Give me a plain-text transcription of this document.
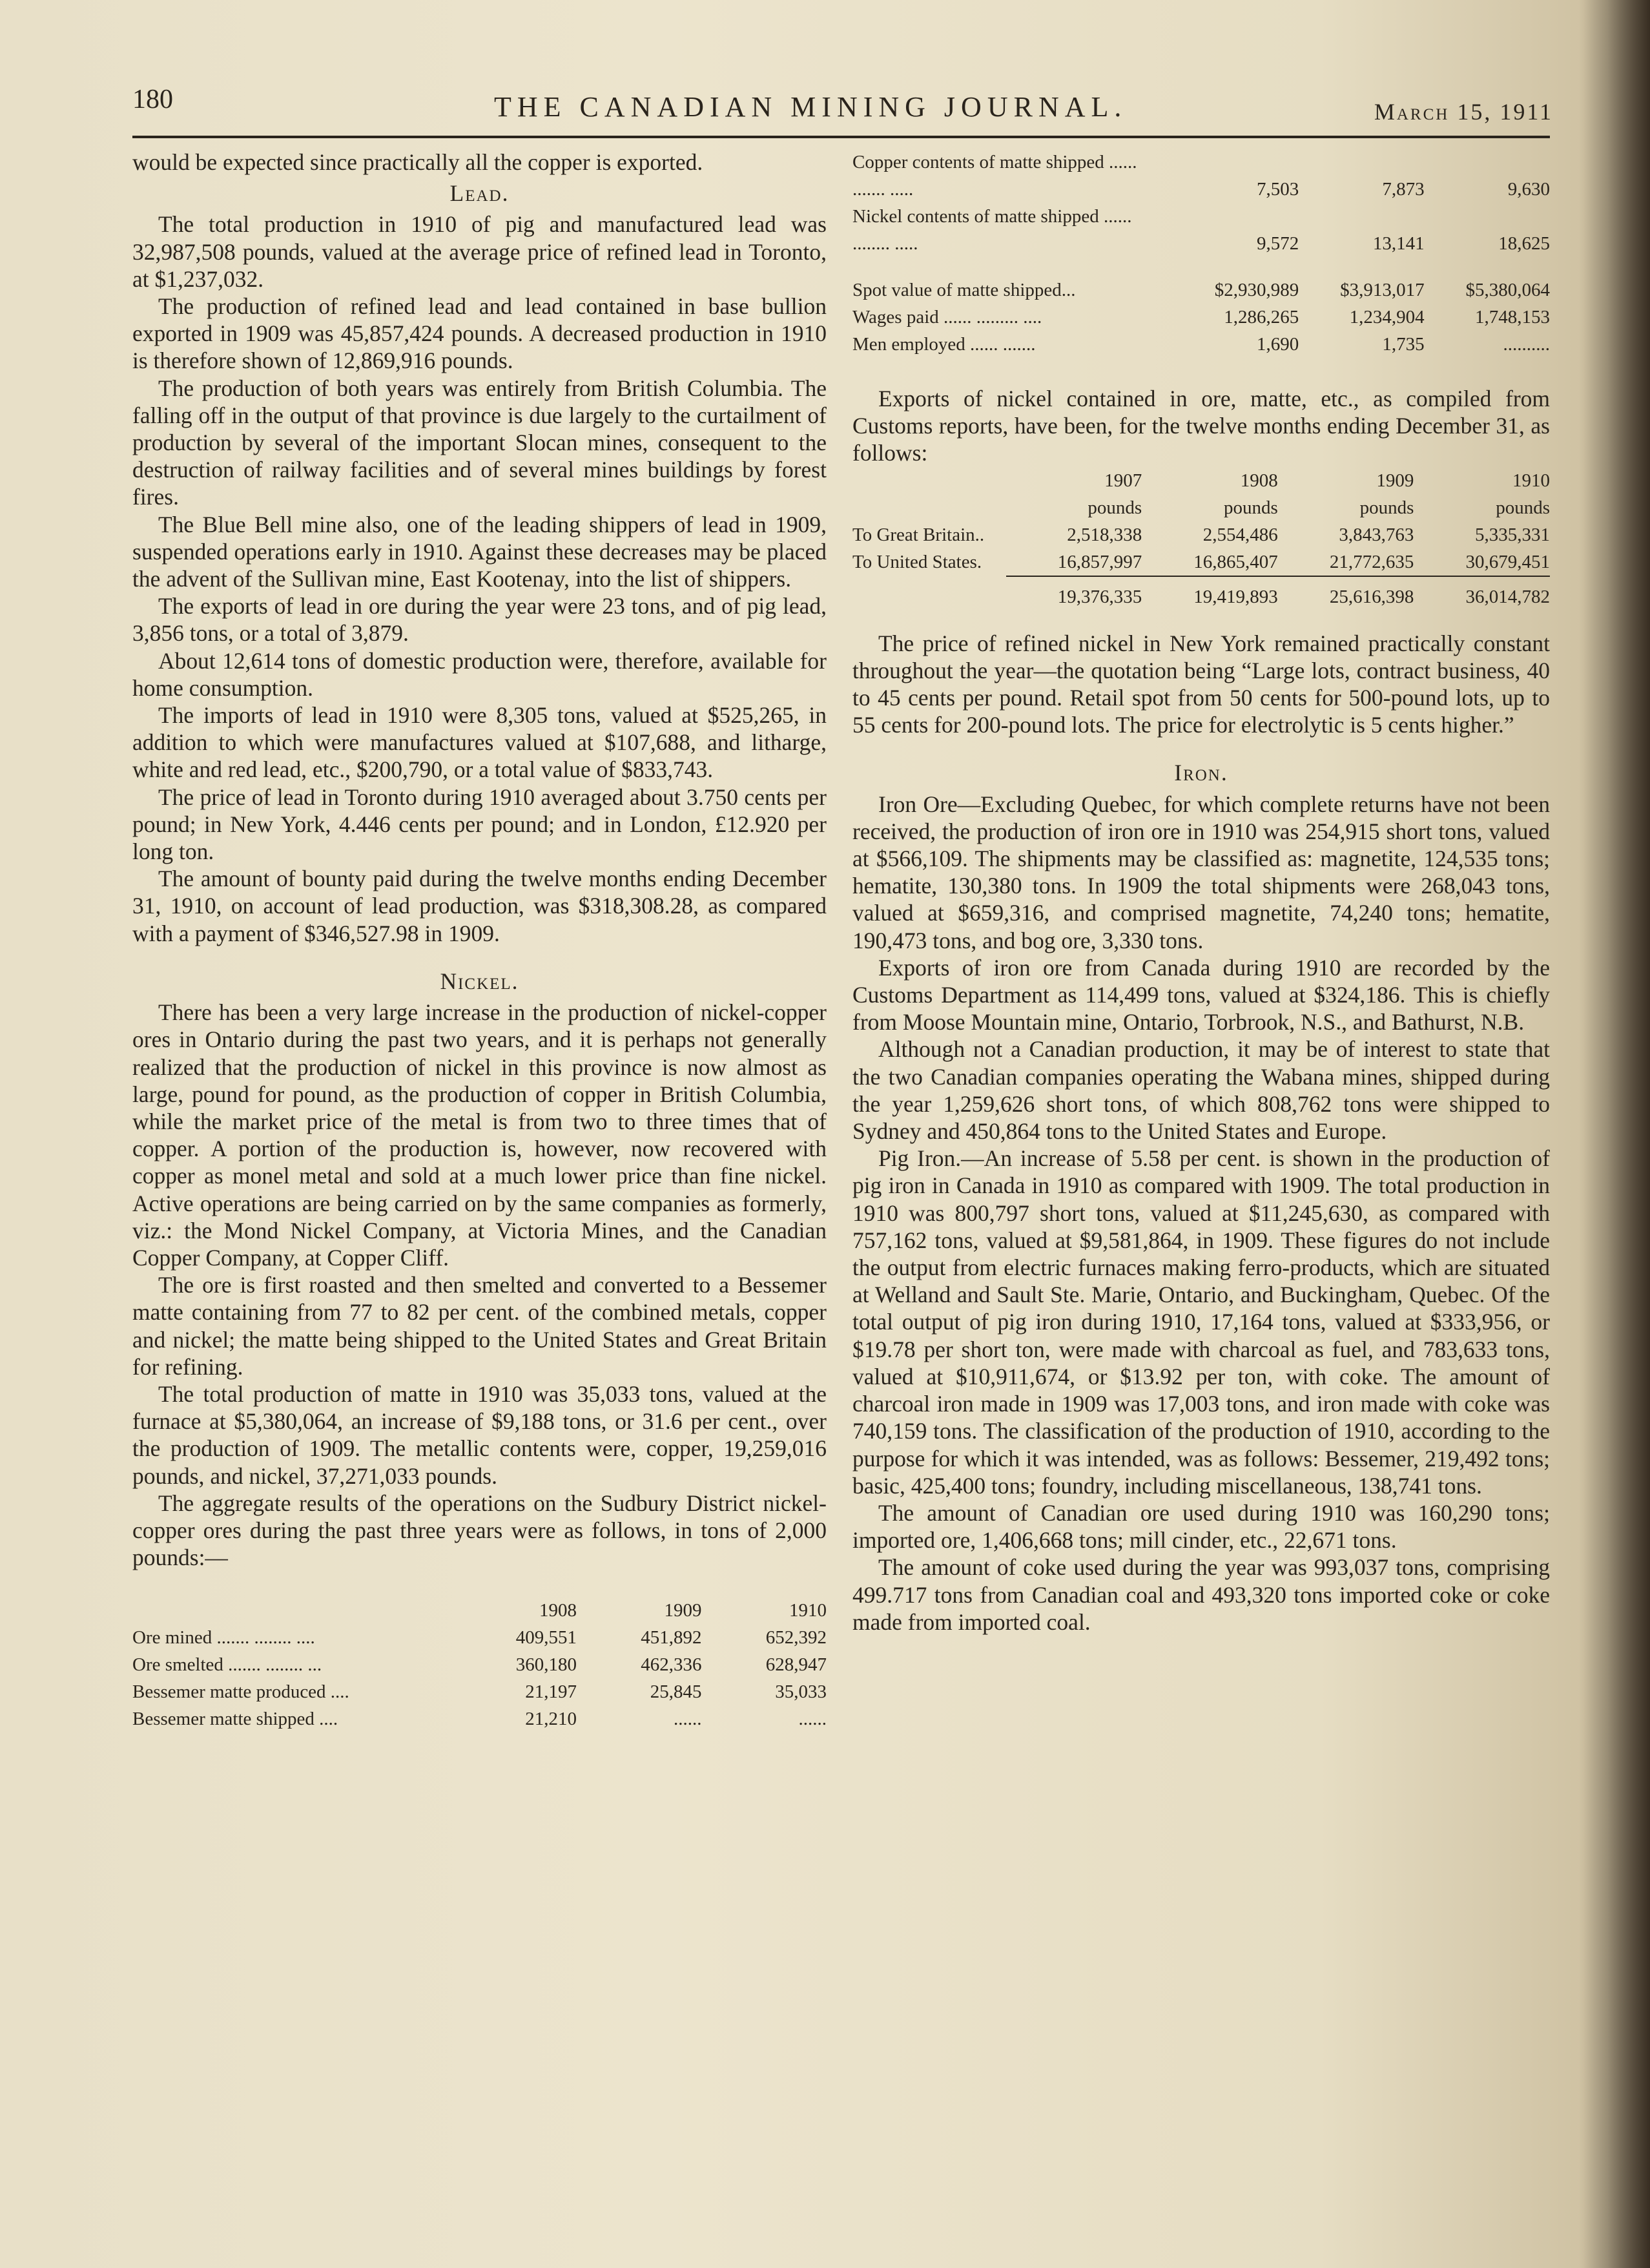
180	THE CANADIAN MINING JOURNAL.	March 15, 1911

would be expected since practically all the copper is exported.

Lead.

The total production in 1910 of pig and manufactured lead was 32,987,508 pounds, valued at the average price of refined lead in Toronto, at $1,237,032.

The production of refined lead and lead contained in base bullion exported in 1909 was 45,857,424 pounds. A decreased production in 1910 is therefore shown of 12,869,916 pounds.

The production of both years was entirely from British Columbia. The falling off in the output of that province is due largely to the curtailment of production by several of the important Slocan mines, consequent to the destruction of railway facilities and of several mines buildings by forest fires.

The Blue Bell mine also, one of the leading shippers of lead in 1909, suspended operations early in 1910. Against these decreases may be placed the advent of the Sullivan mine, East Kootenay, into the list of shippers.

The exports of lead in ore during the year were 23 tons, and of pig lead, 3,856 tons, or a total of 3,879.

About 12,614 tons of domestic production were, therefore, available for home consumption.

The imports of lead in 1910 were 8,305 tons, valued at $525,265, in addition to which were manufactures valued at $107,688, and litharge, white and red lead, etc., $200,790, or a total value of $833,743.

The price of lead in Toronto during 1910 averaged about 3.750 cents per pound; in New York, 4.446 cents per pound; and in London, £12.920 per long ton.

The amount of bounty paid during the twelve months ending December 31, 1910, on account of lead production, was $318,308.28, as compared with a payment of $346,527.98 in 1909.

Nickel.

There has been a very large increase in the production of nickel-copper ores in Ontario during the past two years, and it is perhaps not generally realized that the production of nickel in this province is now almost as large, pound for pound, as the production of copper in British Columbia, while the market price of the metal is from two to three times that of copper. A portion of the production is, however, now recovered with copper as monel metal and sold at a much lower price than fine nickel. Active operations are being carried on by the same companies as formerly, viz.: the Mond Nickel Company, at Victoria Mines, and the Canadian Copper Company, at Copper Cliff.

The ore is first roasted and then smelted and converted to a Bessemer matte containing from 77 to 82 per cent. of the combined metals, copper and nickel; the matte being shipped to the United States and Great Britain for refining.

The total production of matte in 1910 was 35,033 tons, valued at the furnace at $5,380,064, an increase of $9,188 tons, or 31.6 per cent., over the production of 1909. The metallic contents were, copper, 19,259,016 pounds, and nickel, 37,271,033 pounds.

The aggregate results of the operations on the Sudbury District nickel-copper ores during the past three years were as follows, in tons of 2,000 pounds:—

	1908	1909	1910
Ore mined ....... ........ ....	409,551	451,892	652,392
Ore smelted ....... ........ ...	360,180	462,336	628,947
Bessemer matte produced ....	21,197	25,845	35,033
Bessemer matte shipped ....	21,210	......	......
Copper contents of matte shipped ...... ....... .....	7,503	7,873	9,630
Nickel contents of matte shipped ...... ........ .....	9,572	13,141	18,625

Spot value of matte shipped...	$2,930,989	$3,913,017	$5,380,064
Wages paid ...... ......... ....	1,286,265	1,234,904	1,748,153
Men employed ...... .......	1,690	1,735	..........

Exports of nickel contained in ore, matte, etc., as compiled from Customs reports, have been, for the twelve months ending December 31, as follows:

	1907	1908	1909	1910
	pounds	pounds	pounds	pounds
To Great Britain..	2,518,338	2,554,486	3,843,763	5,335,331
To United States.	16,857,997	16,865,407	21,772,635	30,679,451

	19,376,335	19,419,893	25,616,398	36,014,782

The price of refined nickel in New York remained practically constant throughout the year—the quotation being “Large lots, contract business, 40 to 45 cents per pound. Retail spot from 50 cents for 500-pound lots, up to 55 cents for 200-pound lots. The price for electrolytic is 5 cents higher.”

Iron.

Iron Ore—Excluding Quebec, for which complete returns have not been received, the production of iron ore in 1910 was 254,915 short tons, valued at $566,109. The shipments may be classified as: magnetite, 124,535 tons; hematite, 130,380 tons. In 1909 the total shipments were 268,043 tons, valued at $659,316, and comprised magnetite, 74,240 tons; hematite, 190,473 tons, and bog ore, 3,330 tons.

Exports of iron ore from Canada during 1910 are recorded by the Customs Department as 114,499 tons, valued at $324,186. This is chiefly from Moose Mountain mine, Ontario, Torbrook, N.S., and Bathurst, N.B.

Although not a Canadian production, it may be of interest to state that the two Canadian companies operating the Wabana mines, shipped during the year 1,259,626 short tons, of which 808,762 tons were shipped to Sydney and 450,864 tons to the United States and Europe.

Pig Iron.—An increase of 5.58 per cent. is shown in the production of pig iron in Canada in 1910 as compared with 1909. The total production in 1910 was 800,797 short tons, valued at $11,245,630, as compared with 757,162 tons, valued at $9,581,864, in 1909. These figures do not include the output from electric furnaces making ferro-products, which are situated at Welland and Sault Ste. Marie, Ontario, and Buckingham, Quebec. Of the total output of pig iron during 1910, 17,164 tons, valued at $333,956, or $19.78 per short ton, were made with charcoal as fuel, and 783,633 tons, valued at $10,911,674, or $13.92 per ton, with coke. The amount of charcoal iron made in 1909 was 17,003 tons, and iron made with coke was 740,159 tons. The classification of the production of 1910, according to the purpose for which it was intended, was as follows: Bessemer, 219,492 tons; basic, 425,400 tons; foundry, including miscellaneous, 138,741 tons.

The amount of Canadian ore used during 1910 was 160,290 tons; imported ore, 1,406,668 tons; mill cinder, etc., 22,671 tons.

The amount of coke used during the year was 993,037 tons, comprising 499.717 tons from Canadian coal and 493,320 tons imported coke or coke made from imported coal.
